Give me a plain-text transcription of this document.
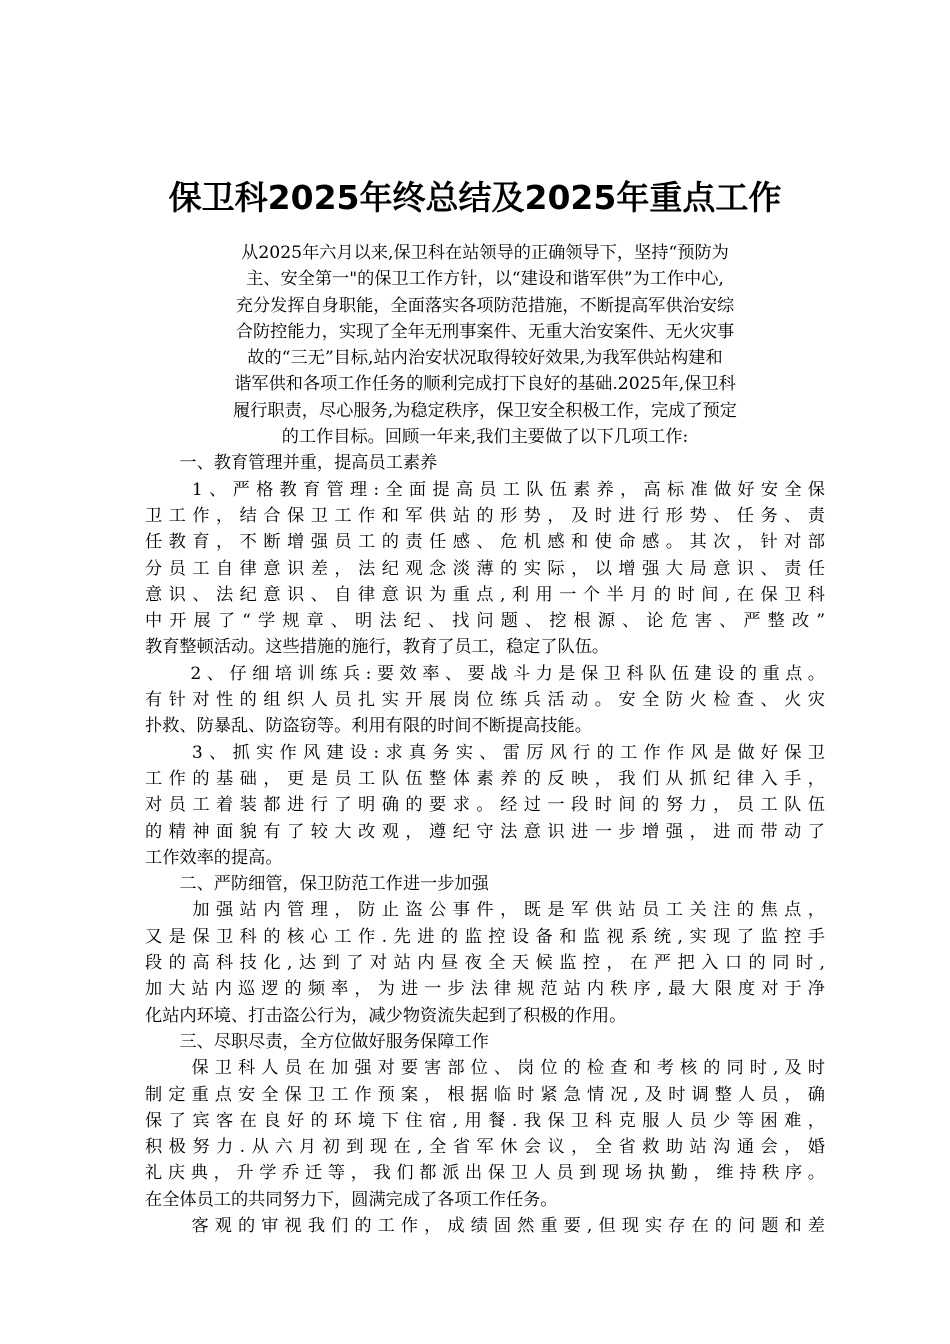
保卫科2025年终总结及2025年重点工作

从2025年六月以来,保卫科在站领导的正确领导下，坚持“预防为

主、安全第一"的保卫工作方针，以“建设和谐军供”为工作中心,

充分发挥自身职能，全面落实各项防范措施，不断提高军供治安综

合防控能力，实现了全年无刑事案件、无重大治安案件、无火灾事

故的“三无”目标,站内治安状况取得较好效果,为我军供站构建和

谐军供和各项工作任务的顺利完成打下良好的基础.2025年,保卫科

履行职责，尽心服务,为稳定秩序，保卫安全积极工作，完成了预定

的工作目标。回顾一年来,我们主要做了以下几项工作:

　　一、教育管理并重，提高员工素养

　　1、严格教育管理:全面提高员工队伍素养，高标准做好安全保

卫工作，结合保卫工作和军供站的形势，及时进行形势、任务、责

任教育，不断增强员工的责任感、危机感和使命感。其次，针对部

分员工自律意识差，法纪观念淡薄的实际，以增强大局意识、责任

意识、法纪意识、自律意识为重点,利用一个半月的时间,在保卫科

中开展了“学规章、明法纪、找问题、挖根源、论危害、严整改”

教育整顿活动。这些措施的施行，教育了员工，稳定了队伍。

　　2、仔细培训练兵:要效率、要战斗力是保卫科队伍建设的重点。

有针对性的组织人员扎实开展岗位练兵活动。安全防火检查、火灾

扑救、防暴乱、防盗窃等。利用有限的时间不断提高技能。

　　3、抓实作风建设:求真务实、雷厉风行的工作作风是做好保卫

工作的基础，更是员工队伍整体素养的反映，我们从抓纪律入手，

对员工着装都进行了明确的要求。经过一段时间的努力，员工队伍

的精神面貌有了较大改观，遵纪守法意识进一步增强，进而带动了

工作效率的提高。

　　二、严防细管，保卫防范工作进一步加强

　　加强站内管理，防止盗公事件，既是军供站员工关注的焦点，

又是保卫科的核心工作.先进的监控设备和监视系统,实现了监控手

段的高科技化,达到了对站内昼夜全天候监控，在严把入口的同时,

加大站内巡逻的频率，为进一步法律规范站内秩序,最大限度对于净

化站内环境、打击盗公行为，减少物资流失起到了积极的作用。

　　三、尽职尽责，全方位做好服务保障工作

　　保卫科人员在加强对要害部位、岗位的检查和考核的同时,及时

制定重点安全保卫工作预案，根据临时紧急情况,及时调整人员，确

保了宾客在良好的环境下住宿,用餐.我保卫科克服人员少等困难，

积极努力.从六月初到现在,全省军休会议，全省救助站沟通会，婚

礼庆典，升学乔迁等，我们都派出保卫人员到现场执勤，维持秩序。

在全体员工的共同努力下，圆满完成了各项工作任务。

　　客观的审视我们的工作，成绩固然重要,但现实存在的问题和差
